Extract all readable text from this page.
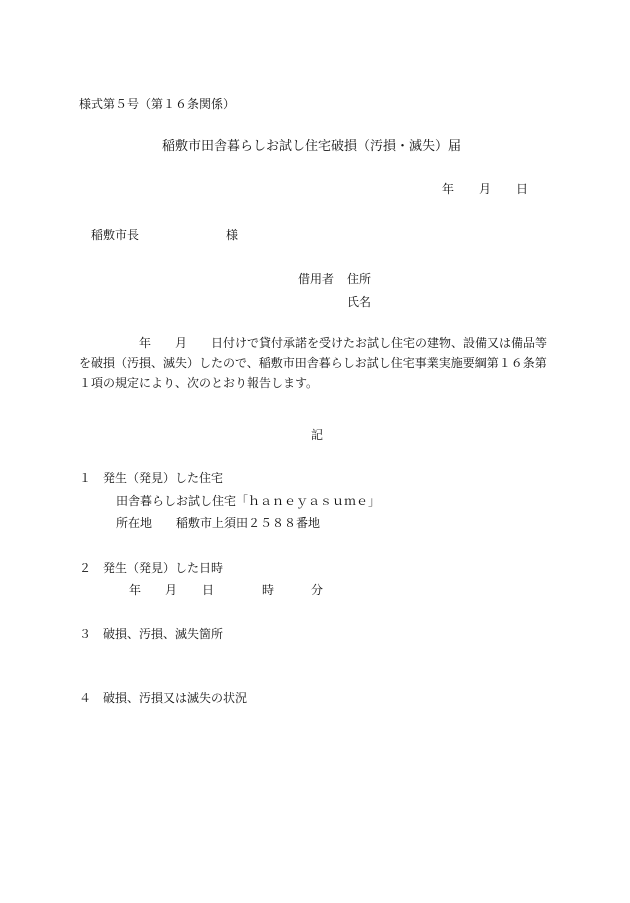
様式第５号（第１６条関係）
稲敷市田舎暮らしお試し住宅破損（汚損・滅失）届
年 月 日
稲敷市長	様
借用者 住所
氏名
年 月 日付けで貸付承諾を受けたお試し住宅の建物、設備又は備品等
を破損（汚損、滅失）したので、稲敷市田舎暮らしお試し住宅事業実施要綱第１６条第
１項の規定により、次のとおり報告します。
記
１ 発生（発見）した住宅
田舎暮らしお試し住宅「ｈａｎｅｙａｓｕｍｅ」
所在地 稲敷市上須田２５８８番地
２ 発生（発見）した日時
年 月 日	時	分
３ 破損、汚損、滅失箇所
４ 破損、汚損又は滅失の状況
